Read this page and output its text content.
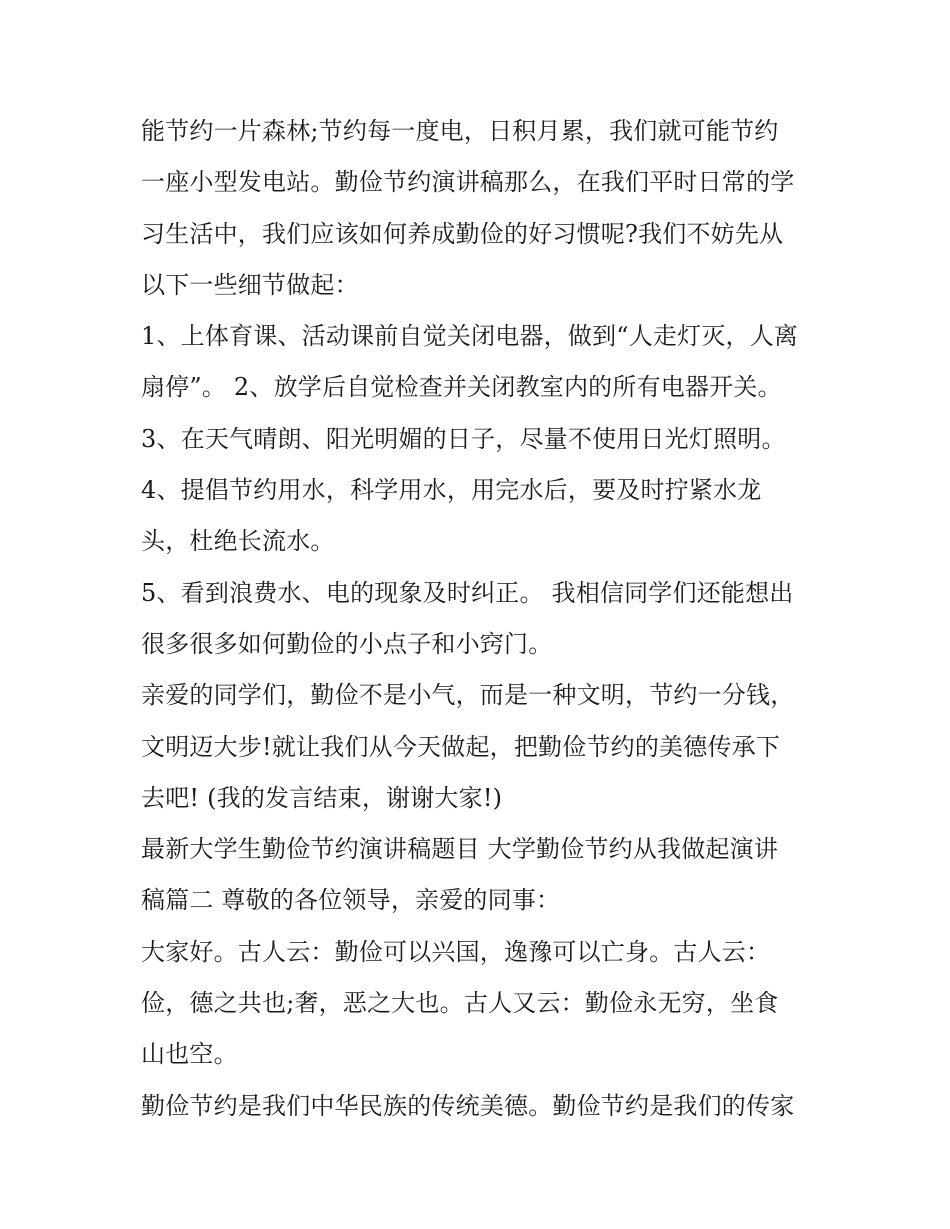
能节约一片森林;节约每一度电，日积月累，我们就可能节约
一座小型发电站。勤俭节约演讲稿那么，在我们平时日常的学
习生活中，我们应该如何养成勤俭的好习惯呢?我们不妨先从
以下一些细节做起：
1、上体育课、活动课前自觉关闭电器，做到“人走灯灭，人离
扇停”。 2、放学后自觉检查并关闭教室内的所有电器开关。
3、在天气晴朗、阳光明媚的日子，尽量不使用日光灯照明。
4、提倡节约用水，科学用水，用完水后，要及时拧紧水龙
头，杜绝长流水。
5、看到浪费水、电的现象及时纠正。 我相信同学们还能想出
很多很多如何勤俭的小点子和小窍门。
亲爱的同学们，勤俭不是小气，而是一种文明，节约一分钱，
文明迈大步!就让我们从今天做起，把勤俭节约的美德传承下
去吧! (我的发言结束，谢谢大家!)
最新大学生勤俭节约演讲稿题目 大学勤俭节约从我做起演讲
稿篇二 尊敬的各位领导，亲爱的同事：
大家好。古人云：勤俭可以兴国，逸豫可以亡身。古人云：
俭，德之共也;奢，恶之大也。古人又云：勤俭永无穷，坐食
山也空。
勤俭节约是我们中华民族的传统美德。勤俭节约是我们的传家
